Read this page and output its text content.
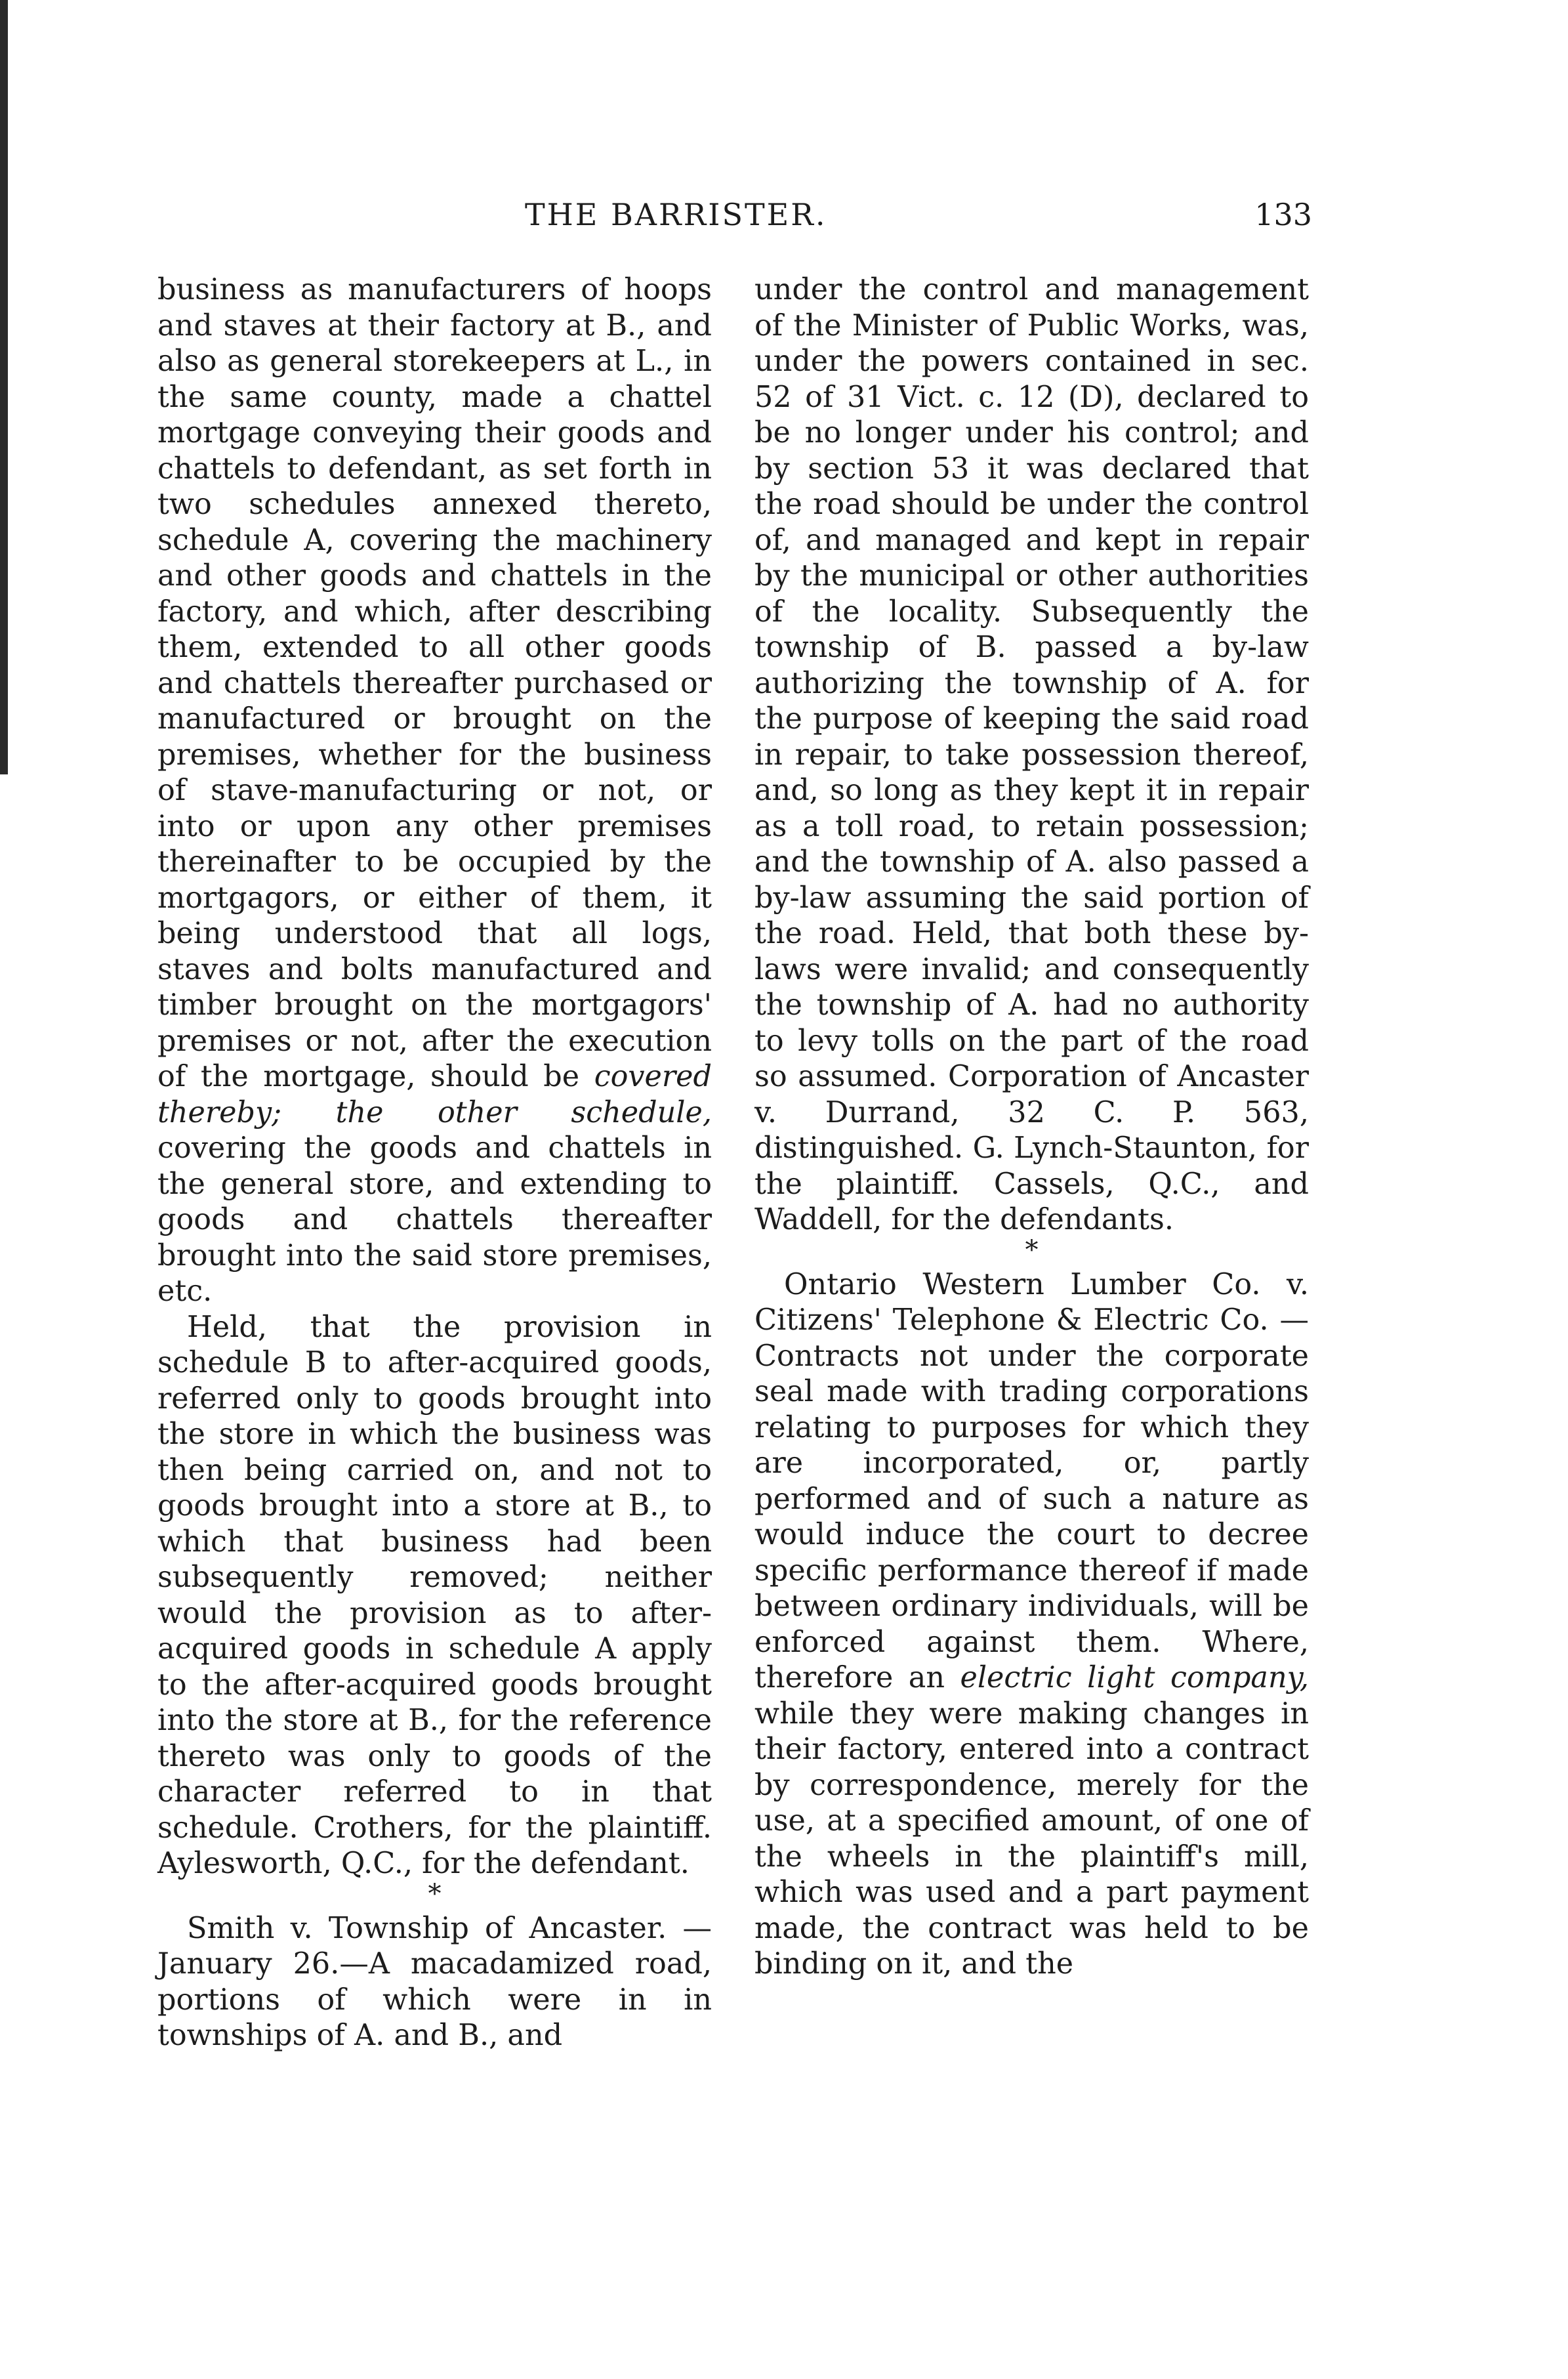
THE BARRISTER.	133

business as manufacturers of hoops and staves at their factory at B., and also as general storekeepers at L., in the same county, made a chattel mortgage conveying their goods and chattels to defendant, as set forth in two schedules annexed thereto, schedule A, covering the machinery and other goods and chattels in the factory, and which, after describing them, extended to all other goods and chattels thereafter purchased or manufactured or brought on the premises, whether for the business of stave-manufacturing or not, or into or upon any other premises thereinafter to be occupied by the mortgagors, or either of them, it being understood that all logs, staves and bolts manufactured and timber brought on the mortgagors' premises or not, after the execution of the mortgage, should be covered thereby; the other schedule, covering the goods and chattels in the general store, and extending to goods and chattels thereafter brought into the said store premises, etc.

Held, that the provision in schedule B to after-acquired goods, referred only to goods brought into the store in which the business was then being carried on, and not to goods brought into a store at B., to which that business had been subsequently removed; neither would the provision as to after-acquired goods in schedule A apply to the after-acquired goods brought into the store at B., for the reference thereto was only to goods of the character referred to in that schedule. Crothers, for the plaintiff. Aylesworth, Q.C., for the defendant.

*

Smith v. Township of Ancaster. —January 26.—A macadamized road, portions of which were in in townships of A. and B., and

under the control and management of the Minister of Public Works, was, under the powers contained in sec. 52 of 31 Vict. c. 12 (D), declared to be no longer under his control; and by section 53 it was declared that the road should be under the control of, and managed and kept in repair by the municipal or other authorities of the locality. Subsequently the township of B. passed a by-law authorizing the township of A. for the purpose of keeping the said road in repair, to take possession thereof, and, so long as they kept it in repair as a toll road, to retain possession; and the township of A. also passed a by-law assuming the said portion of the road. Held, that both these by-laws were invalid; and consequently the township of A. had no authority to levy tolls on the part of the road so assumed. Corporation of Ancaster v. Durrand, 32 C. P. 563, distinguished. G. Lynch-Staunton, for the plaintiff. Cassels, Q.C., and Waddell, for the defendants.

*

Ontario Western Lumber Co. v. Citizens' Telephone & Electric Co. —Contracts not under the corporate seal made with trading corporations relating to purposes for which they are incorporated, or, partly performed and of such a nature as would induce the court to decree specific performance thereof if made between ordinary individuals, will be enforced against them. Where, therefore an electric light company, while they were making changes in their factory, entered into a contract by correspondence, merely for the use, at a specified amount, of one of the wheels in the plaintiff's mill, which was used and a part payment made, the contract was held to be binding on it, and the
